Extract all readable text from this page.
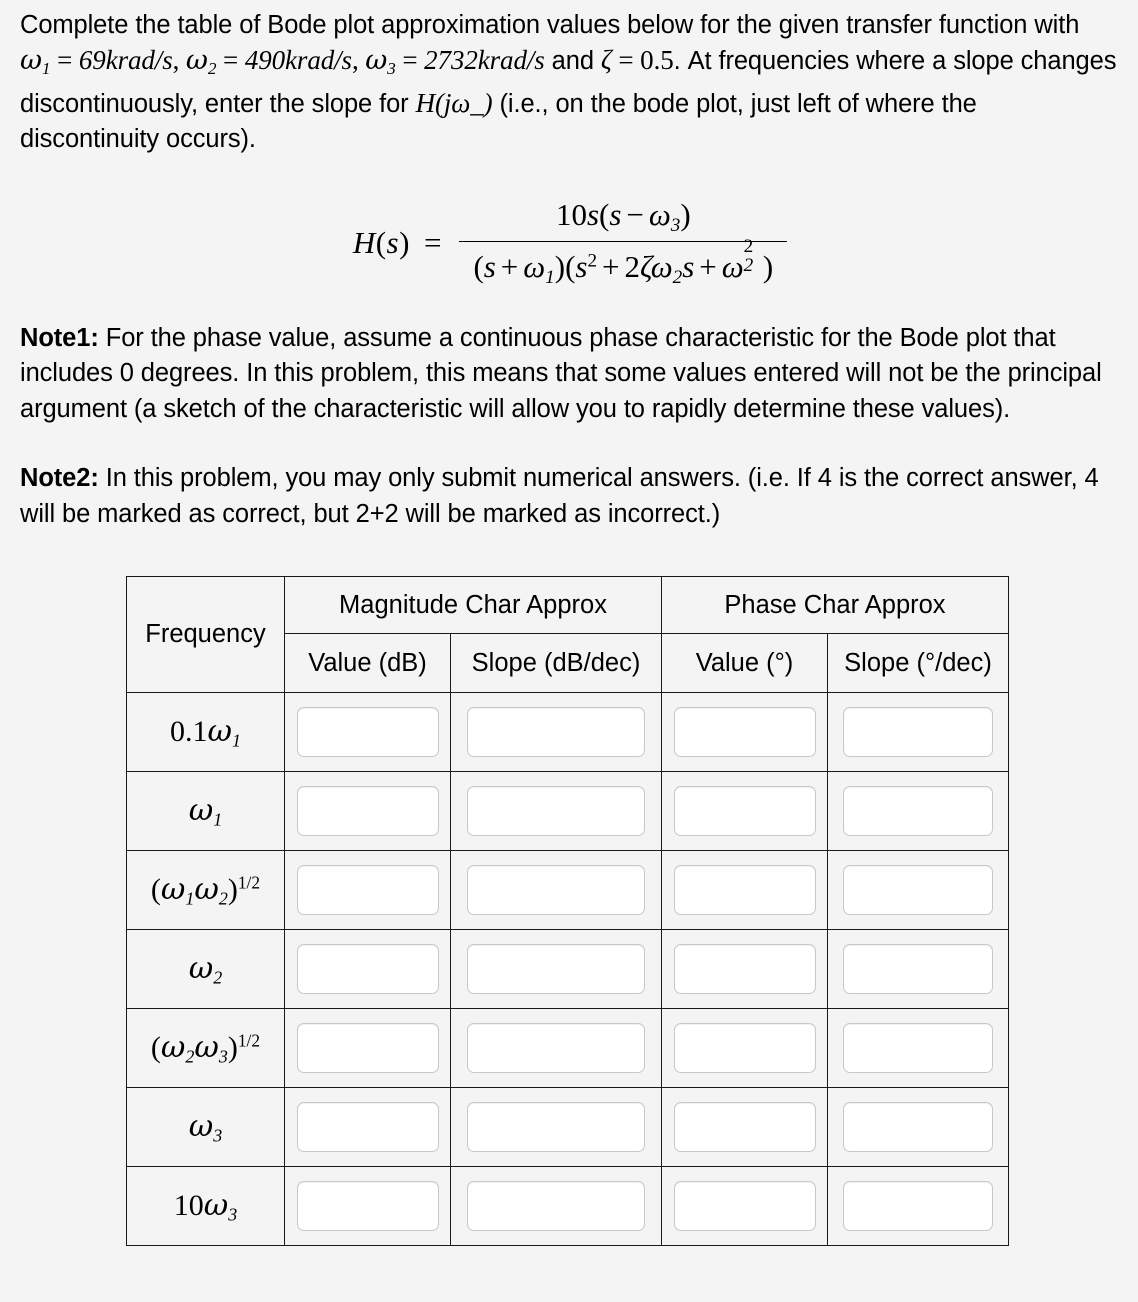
Complete the table of Bode plot approximation values below for the given transfer function with $\omega_1$ = 69krad/s, $\omega_2$ = 490krad/s, $\omega_3$ = 2732krad/s and ζ = 0.5. At frequencies where a slope changes discontinuously, enter the slope for H(jω_) (i.e., on the bode plot, just left of where the discontinuity occurs).
$H(s) = 10s(s - \omega_3)$
$(s + \omega_1)(s^2 + 2\zeta\omega_2s + \omega$
2
2 )
Note1: For the phase value, assume a continuous phase characteristic for the Bode plot that includes 0 degrees. In this problem, this means that some values entered will not be the principal argument (a sketch of the characteristic will allow you to rapidly determine these values).
Note2: In this problem, you may only submit numerical answers. (i.e. If 4 is the correct answer, 4 will be marked as correct, but 2+2 will be marked as incorrect.)
Frequency	Magnitude Char Approx		Phase Char Approx	
	Value (dB)	Slope (dB/dec)	Value (°)	Slope (°/dec)
$0.1\omega_1$				
$\omega_1$				
$(\omega_1\omega_2)^{1/2}$				
$\omega_2$				
$(\omega_2\omega_3)^{1/2}$				
$\omega_3$				
$10\omega_3$				
